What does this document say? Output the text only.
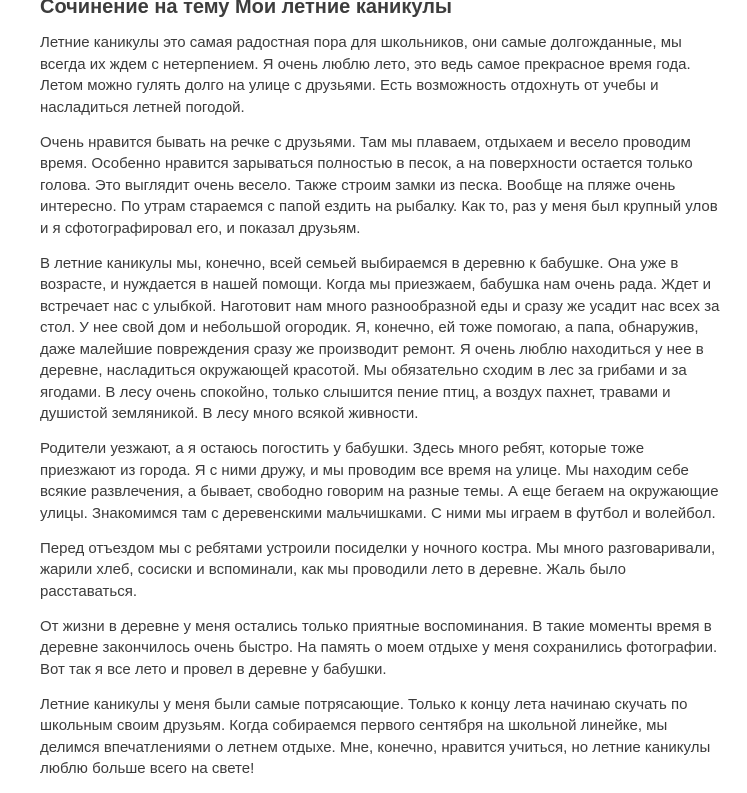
Сочинение на тему Мои летние каникулы

Летние каникулы это самая радостная пора для школьников, они самые долгожданные, мы всегда их ждем с нетерпением. Я очень люблю лето, это ведь самое прекрасное время года. Летом можно гулять долго на улице с друзьями. Есть возможность отдохнуть от учебы и насладиться летней погодой.

Очень нравится бывать на речке с друзьями. Там мы плаваем, отдыхаем и весело проводим время. Особенно нравится зарываться полностью в песок, а на поверхности остается только голова. Это выглядит очень весело. Также строим замки из песка. Вообще на пляже очень интересно. По утрам стараемся с папой ездить на рыбалку. Как то, раз у меня был крупный улов и я сфотографировал его, и показал друзьям.

В летние каникулы мы, конечно, всей семьей выбираемся в деревню к бабушке. Она уже в возрасте, и нуждается в нашей помощи. Когда мы приезжаем, бабушка нам очень рада. Ждет и встречает нас с улыбкой. Наготовит нам много разнообразной еды и сразу же усадит нас всех за стол. У нее свой дом и небольшой огородик. Я, конечно, ей тоже помогаю, а папа, обнаружив, даже малейшие повреждения сразу же производит ремонт. Я очень люблю находиться у нее в деревне, насладиться окружающей красотой. Мы обязательно сходим в лес за грибами и за ягодами. В лесу очень спокойно, только слышится пение птиц, а воздух пахнет, травами и душистой земляникой. В лесу много всякой живности.

Родители уезжают, а я остаюсь погостить у бабушки. Здесь много ребят, которые тоже приезжают из города. Я с ними дружу, и мы проводим все время на улице. Мы находим себе всякие развлечения, а бывает, свободно говорим на разные темы. А еще бегаем на окружающие улицы. Знакомимся там с деревенскими мальчишками. С ними мы играем в футбол и волейбол.

Перед отъездом мы с ребятами устроили посиделки у ночного костра. Мы много разговаривали, жарили хлеб, сосиски и вспоминали, как мы проводили лето в деревне. Жаль было расставаться.

От жизни в деревне у меня остались только приятные воспоминания. В такие моменты время в деревне закончилось очень быстро. На память о моем отдыхе у меня сохранились фотографии. Вот так я все лето и провел в деревне у бабушки.

Летние каникулы у меня были самые потрясающие. Только к концу лета начинаю скучать по школьным своим друзьям. Когда собираемся первого сентября на школьной линейке, мы делимся впечатлениями о летнем отдыхе. Мне, конечно, нравится учиться, но летние каникулы люблю больше всего на свете!
